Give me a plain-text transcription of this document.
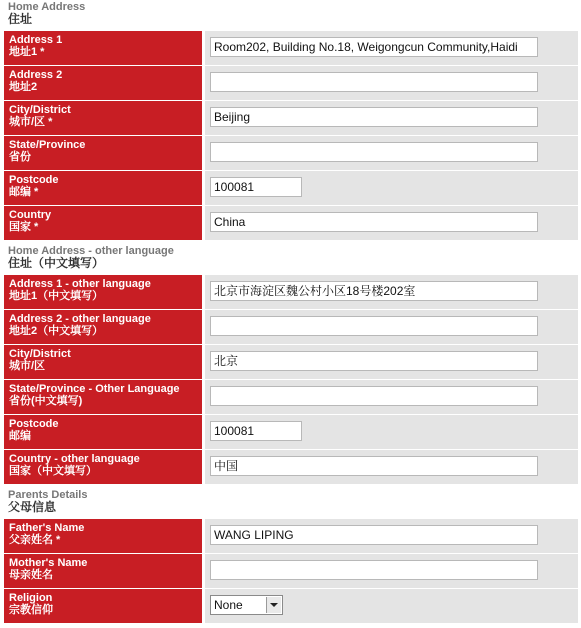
Home Address
住址
Address 1
地址1 *	Room202, Building No.18, Weigongcun Community,Haidi
Address 2
地址2
City/District
城市/区 *	Beijing
State/Province
省份
Postcode
邮编 *	100081
Country
国家 *	China
Home Address - other language
住址（中文填写）
Address 1 - other language
地址1（中文填写）	北京市海淀区魏公村小区18号楼202室
Address 2 - other language
地址2（中文填写）
City/District
城市/区	北京
State/Province - Other Language
省份(中文填写)
Postcode
邮编	100081
Country - other language
国家（中文填写）	中国
Parents Details
父母信息
Father's Name
父亲姓名 *	WANG LIPING
Mother's Name
母亲姓名
Religion
宗教信仰	None
